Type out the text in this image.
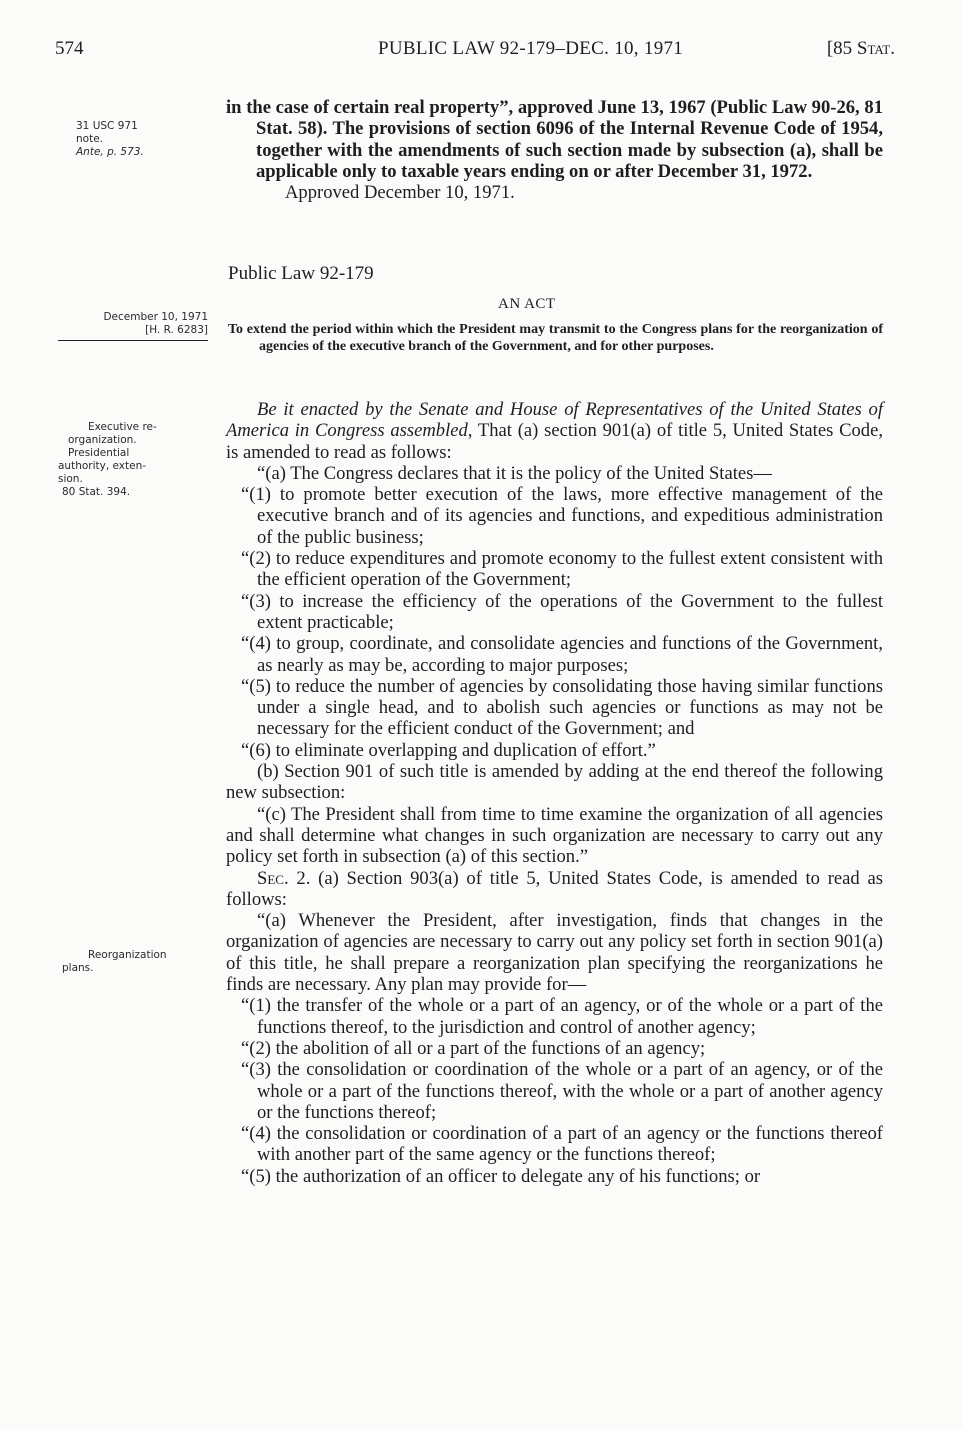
574	PUBLIC LAW 92-179–DEC. 10, 1971	[85 Stat.
31 USC 971
note.
Ante, p. 573.
December 10, 1971
[H. R. 6283]
Executive re-
organization.
Presidential
authority, exten-
sion.
80 Stat. 394.
Reorganization
plans.

in the case of certain real property”, approved June 13, 1967 (Public Law 90-26, 81 Stat. 58). The provisions of section 6096 of the Internal Revenue Code of 1954, together with the amendments of such section made by subsection (a), shall be applicable only to taxable years ending on or after December 31, 1972.

Approved December 10, 1971.

Public Law 92-179
AN ACT

To extend the period within which the President may transmit to the Congress plans for the reorganization of agencies of the executive branch of the Government, and for other purposes.

Be it enacted by the Senate and House of Representatives of the United States of America in Congress assembled, That (a) section 901(a) of title 5, United States Code, is amended to read as follows:

“(a) The Congress declares that it is the policy of the United States—

“(1) to promote better execution of the laws, more effective management of the executive branch and of its agencies and functions, and expeditious administration of the public business;

“(2) to reduce expenditures and promote economy to the fullest extent consistent with the efficient operation of the Government;

“(3) to increase the efficiency of the operations of the Government to the fullest extent practicable;

“(4) to group, coordinate, and consolidate agencies and functions of the Government, as nearly as may be, according to major purposes;

“(5) to reduce the number of agencies by consolidating those having similar functions under a single head, and to abolish such agencies or functions as may not be necessary for the efficient conduct of the Government; and

“(6) to eliminate overlapping and duplication of effort.”

(b) Section 901 of such title is amended by adding at the end thereof the following new subsection:

“(c) The President shall from time to time examine the organization of all agencies and shall determine what changes in such organization are necessary to carry out any policy set forth in subsection (a) of this section.”

Sec. 2. (a) Section 903(a) of title 5, United States Code, is amended to read as follows:

“(a) Whenever the President, after investigation, finds that changes in the organization of agencies are necessary to carry out any policy set forth in section 901(a) of this title, he shall prepare a reorganization plan specifying the reorganizations he finds are necessary. Any plan may provide for—

“(1) the transfer of the whole or a part of an agency, or of the whole or a part of the functions thereof, to the jurisdiction and control of another agency;

“(2) the abolition of all or a part of the functions of an agency;

“(3) the consolidation or coordination of the whole or a part of an agency, or of the whole or a part of the functions thereof, with the whole or a part of another agency or the functions thereof;

“(4) the consolidation or coordination of a part of an agency or the functions thereof with another part of the same agency or the functions thereof;

“(5) the authorization of an officer to delegate any of his functions; or
